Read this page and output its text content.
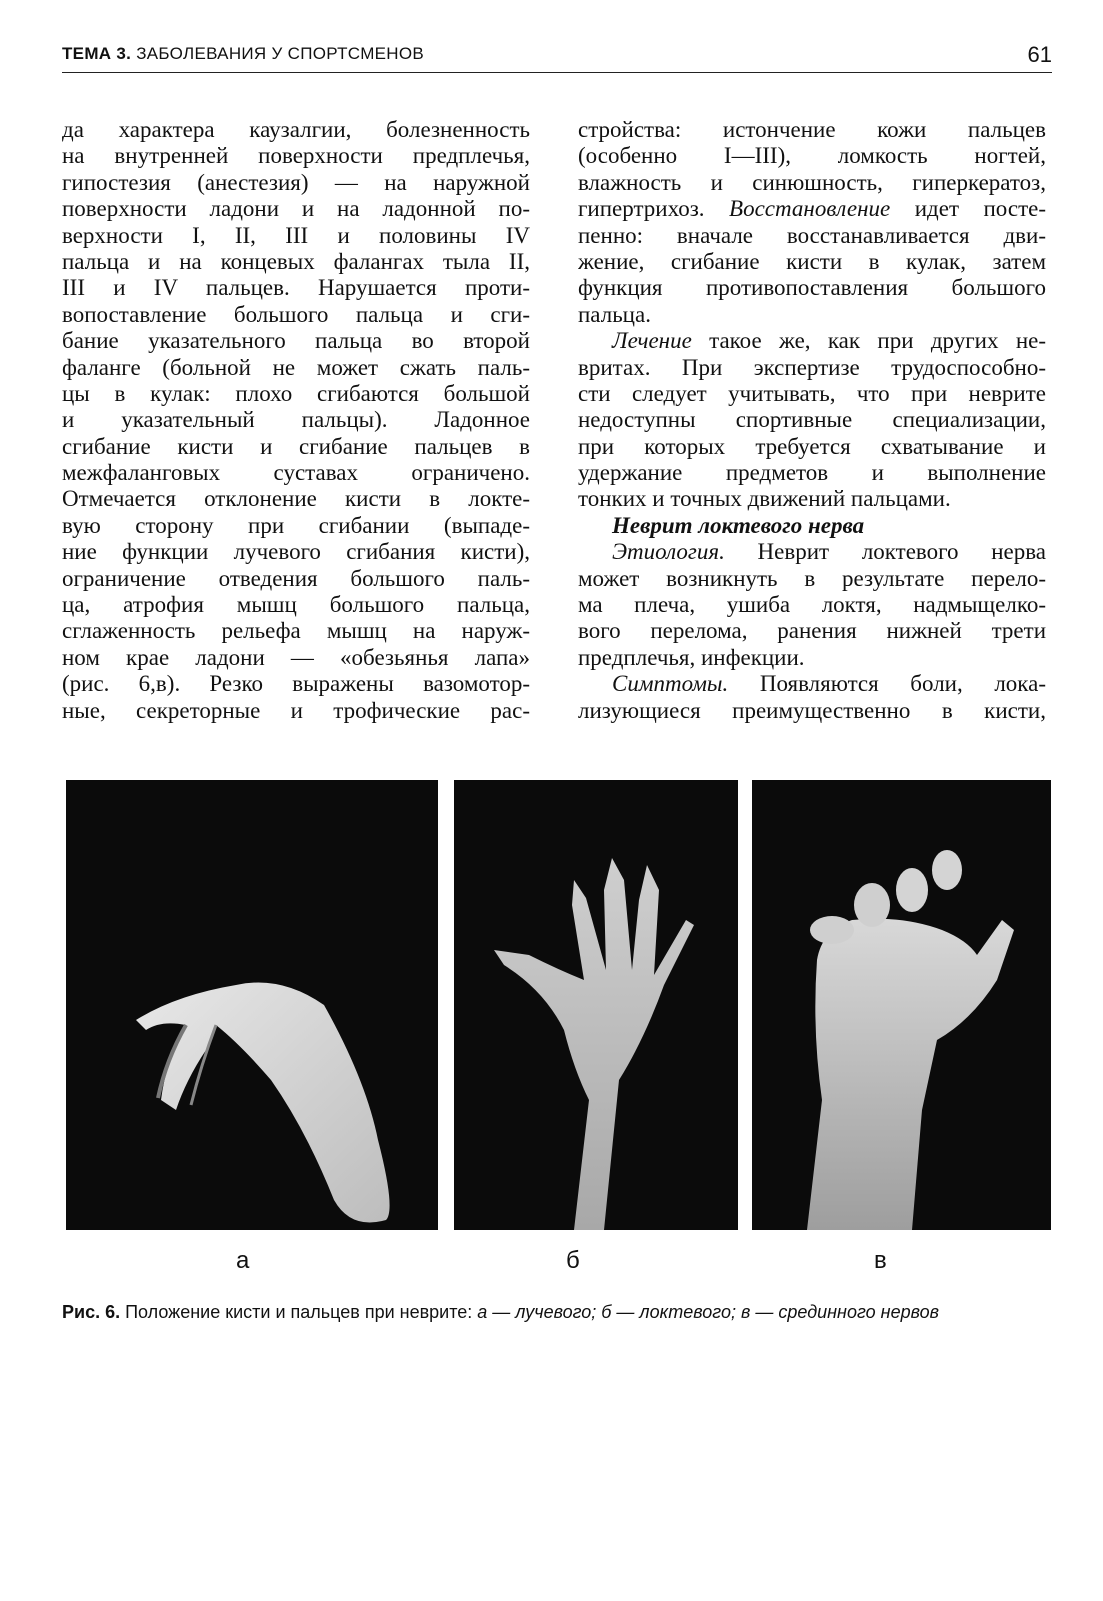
ТЕМА 3. ЗАБОЛЕВАНИЯ У СПОРТСМЕНОВ	61
да характера каузалгии, болезненность
на внутренней поверхности предплечья,
гипостезия (анестезия) — на наружной
поверхности ладони и на ладонной по-
верхности I, II, III и половины IV
пальца и на концевых фалангах тыла II,
III и IV пальцев. Нарушается проти-
вопоставление большого пальца и сги-
бание указательного пальца во второй
фаланге (больной не может сжать паль-
цы в кулак: плохо сгибаются большой
и указательный пальцы). Ладонное
сгибание кисти и сгибание пальцев в
межфаланговых суставах ограничено.
Отмечается отклонение кисти в локте-
вую сторону при сгибании (выпаде-
ние функции лучевого сгибания кисти),
ограничение отведения большого паль-
ца, атрофия мышц большого пальца,
сглаженность рельефа мышц на наруж-
ном крае ладони — «обезьянья лапа»
(рис. 6,в). Резко выражены вазомотор-
ные, секреторные и трофические рас-
стройства: истончение кожи пальцев
(особенно I—III), ломкость ногтей,
влажность и синюшность, гиперкератоз,
гипертрихоз. Восстановление идет посте-
пенно: вначале восстанавливается дви-
жение, сгибание кисти в кулак, затем
функция противопоставления большого
пальца.
Лечение такое же, как при других не-
вритах. При экспертизе трудоспособно-
сти следует учитывать, что при неврите
недоступны спортивные специализации,
при которых требуется схватывание и
удержание предметов и выполнение
тонких и точных движений пальцами.
Неврит локтевого нерва
Этиология. Неврит локтевого нерва
может возникнуть в результате перело-
ма плеча, ушиба локтя, надмыщелко-
вого перелома, ранения нижней трети
предплечья, инфекции.
Симптомы. Появляются боли, лока-
лизующиеся преимущественно в кисти,
а	б	в
Рис. 6. Положение кисти и пальцев при неврите: а — лучевого; б — локтевого; в — срединного нервов
